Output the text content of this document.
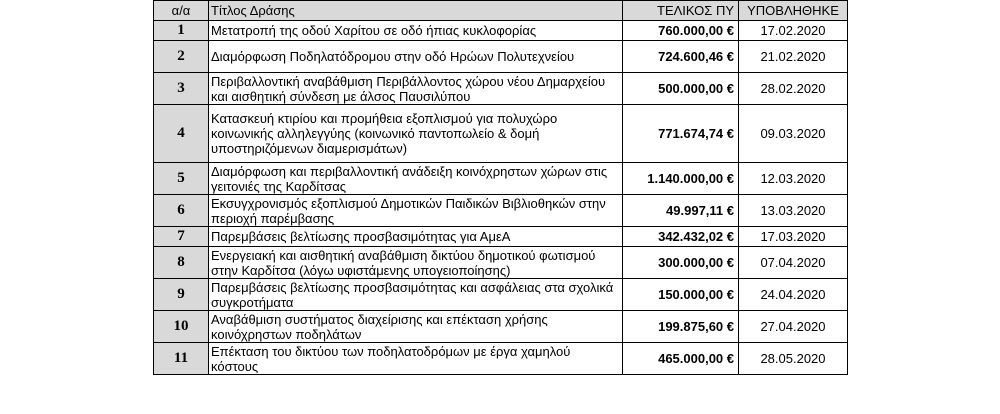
α/α	Τίτλος Δράσης	ΤΕΛΙΚΟΣ ΠΥ	ΥΠΟΒΛΗΘΗΚΕ
1	Μετατροπή της οδού Χαρίτου σε οδό ήπιας κυκλοφορίας	760.000,00 €	17.02.2020
2	Διαμόρφωση Ποδηλατόδρομου στην οδό Ηρώων Πολυτεχνείου	724.600,46 €	21.02.2020
3	Περιβαλλοντική αναβάθμιση Περιβάλλοντος χώρου νέου Δημαρχείου και αισθητική σύνδεση με άλσος Παυσιλύπου	500.000,00 €	28.02.2020
4	Κατασκευή κτιρίου και προμήθεια εξοπλισμού για πολυχώρο κοινωνικής αλληλεγγύης (κοινωνικό παντοπωλείο & δομή υποστηριζόμενων διαμερισμάτων)	771.674,74 €	09.03.2020
5	Διαμόρφωση και περιβαλλοντική ανάδειξη κοινόχρηστων χώρων στις γειτονιές της Καρδίτσας	1.140.000,00 €	12.03.2020
6	Εκσυγχρονισμός εξοπλισμού Δημοτικών Παιδικών Βιβλιοθηκών στην περιοχή παρέμβασης	49.997,11 €	13.03.2020
7	Παρεμβάσεις βελτίωσης προσβασιμότητας για ΑμεΑ	342.432,02 €	17.03.2020
8	Ενεργειακή και αισθητική αναβάθμιση δικτύου δημοτικού φωτισμού στην Καρδίτσα (λόγω υφιστάμενης υπογειοποίησης)	300.000,00 €	07.04.2020
9	Παρεμβάσεις βελτίωσης προσβασιμότητας και ασφάλειας στα σχολικά συγκροτήματα	150.000,00 €	24.04.2020
10	Αναβάθμιση συστήματος διαχείρισης και επέκταση χρήσης κοινόχρηστων ποδηλάτων	199.875,60 €	27.04.2020
11	Επέκταση του δικτύου των ποδηλατοδρόμων με έργα χαμηλού κόστους	465.000,00 €	28.05.2020
